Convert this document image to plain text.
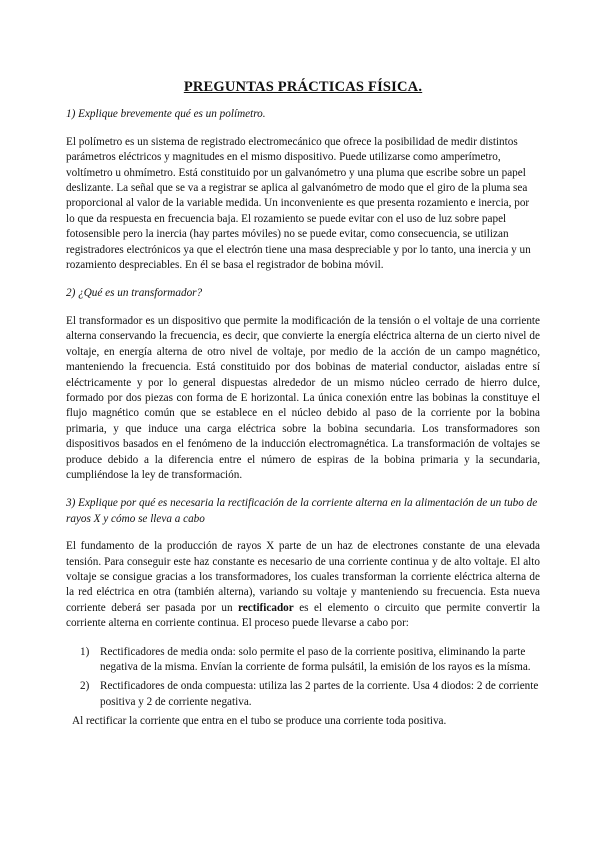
PREGUNTAS PRÁCTICAS FÍSICA.
1) Explique brevemente qué es un polímetro.
El polímetro es un sistema de registrado electromecánico que ofrece la posibilidad de medir distintos parámetros eléctricos y magnitudes en el mismo dispositivo. Puede utilizarse como amperímetro, voltímetro u ohmímetro. Está constituido por un galvanómetro y una pluma que escribe sobre un papel deslizante. La señal que se va a registrar se aplica al galvanómetro de modo que el giro de la pluma sea proporcional al valor de la variable medida. Un inconveniente es que presenta rozamiento e inercia, por lo que da respuesta en frecuencia baja. El rozamiento se puede evitar con el uso de luz sobre papel fotosensible pero la inercia (hay partes móviles) no se puede evitar, como consecuencia, se utilizan registradores electrónicos ya que el electrón tiene una masa despreciable y por lo tanto, una inercia y un rozamiento despreciables. En él se basa el registrador de bobina móvil.
2) ¿Qué es un transformador?
El transformador es un dispositivo que permite la modificación de la tensión o el voltaje de una corriente alterna conservando la frecuencia, es decir, que convierte la energía eléctrica alterna de un cierto nivel de voltaje, en energía alterna de otro nivel de voltaje, por medio de la acción de un campo magnético, manteniendo la frecuencia. Está constituido por dos bobinas de material conductor, aisladas entre sí eléctricamente y por lo general dispuestas alrededor de un mismo núcleo cerrado de hierro dulce, formado por dos piezas con forma de E horizontal. La única conexión entre las bobinas la constituye el flujo magnético común que se establece en el núcleo debido al paso de la corriente por la bobina primaria, y que induce una carga eléctrica sobre la bobina secundaria. Los transformadores son dispositivos basados en el fenómeno de la inducción electromagnética. La transformación de voltajes se produce debido a la diferencia entre el número de espiras de la bobina primaria y la secundaria, cumpliéndose la ley de transformación.
3) Explique por qué es necesaria la rectificación de la corriente alterna en la alimentación de un tubo de rayos X y cómo se lleva a cabo
El fundamento de la producción de rayos X parte de un haz de electrones constante de una elevada tensión. Para conseguir este haz constante es necesario de una corriente continua y de alto voltaje. El alto voltaje se consigue gracias a los transformadores, los cuales transforman la corriente eléctrica alterna de la red eléctrica en otra (también alterna), variando su voltaje y manteniendo su frecuencia. Esta nueva corriente deberá ser pasada por un rectificador es el elemento o circuito que permite convertir la corriente alterna en corriente continua. El proceso puede llevarse a cabo por:
1) Rectificadores de media onda: solo permite el paso de la corriente positiva, eliminando la parte negativa de la misma. Envían la corriente de forma pulsátil, la emisión de los rayos es la mísma.
2) Rectificadores de onda compuesta: utiliza las 2 partes de la corriente. Usa 4 diodos: 2 de corriente positiva y 2 de corriente negativa.
Al rectificar la corriente que entra en el tubo se produce una corriente toda positiva.
